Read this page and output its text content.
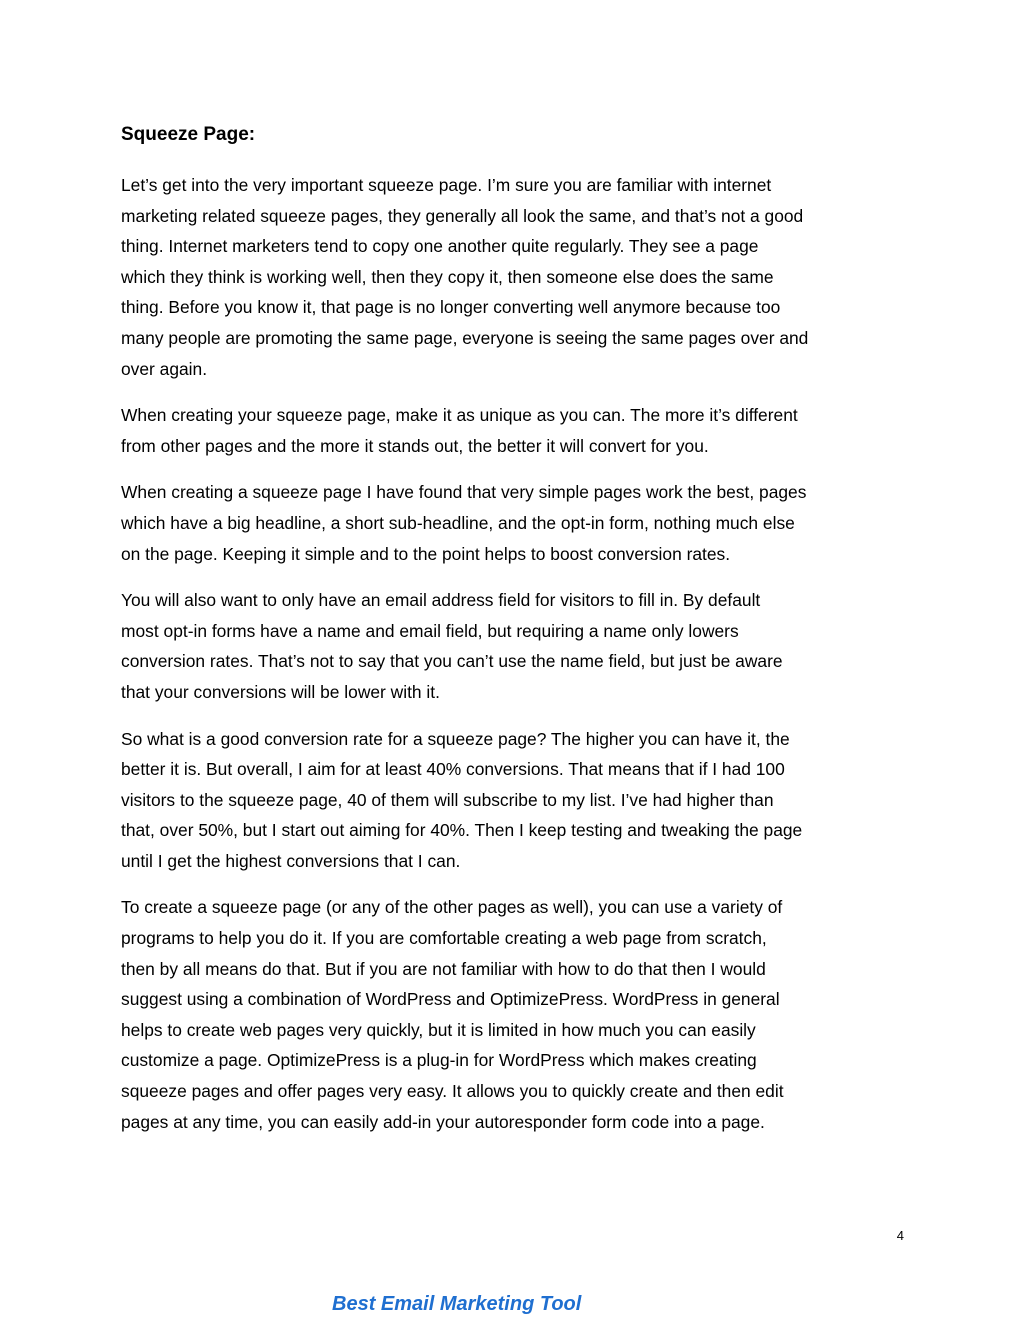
Squeeze Page:

Let’s get into the very important squeeze page. I’m sure you are familiar with internet
marketing related squeeze pages, they generally all look the same, and that’s not a good
thing. Internet marketers tend to copy one another quite regularly. They see a page
which they think is working well, then they copy it, then someone else does the same
thing. Before you know it, that page is no longer converting well anymore because too
many people are promoting the same page, everyone is seeing the same pages over and
over again.

When creating your squeeze page, make it as unique as you can. The more it’s different
from other pages and the more it stands out, the better it will convert for you.

When creating a squeeze page I have found that very simple pages work the best, pages
which have a big headline, a short sub-headline, and the opt-in form, nothing much else
on the page. Keeping it simple and to the point helps to boost conversion rates.

You will also want to only have an email address field for visitors to fill in. By default
most opt-in forms have a name and email field, but requiring a name only lowers
conversion rates. That’s not to say that you can’t use the name field, but just be aware
that your conversions will be lower with it.

So what is a good conversion rate for a squeeze page? The higher you can have it, the
better it is. But overall, I aim for at least 40% conversions. That means that if I had 100
visitors to the squeeze page, 40 of them will subscribe to my list. I’ve had higher than
that, over 50%, but I start out aiming for 40%. Then I keep testing and tweaking the page
until I get the highest conversions that I can.

To create a squeeze page (or any of the other pages as well), you can use a variety of
programs to help you do it. If you are comfortable creating a web page from scratch,
then by all means do that. But if you are not familiar with how to do that then I would
suggest using a combination of WordPress and OptimizePress. WordPress in general
helps to create web pages very quickly, but it is limited in how much you can easily
customize a page. OptimizePress is a plug-in for WordPress which makes creating
squeeze pages and offer pages very easy. It allows you to quickly create and then edit
pages at any time, you can easily add-in your autoresponder form code into a page.

4
Best Email Marketing Tool
